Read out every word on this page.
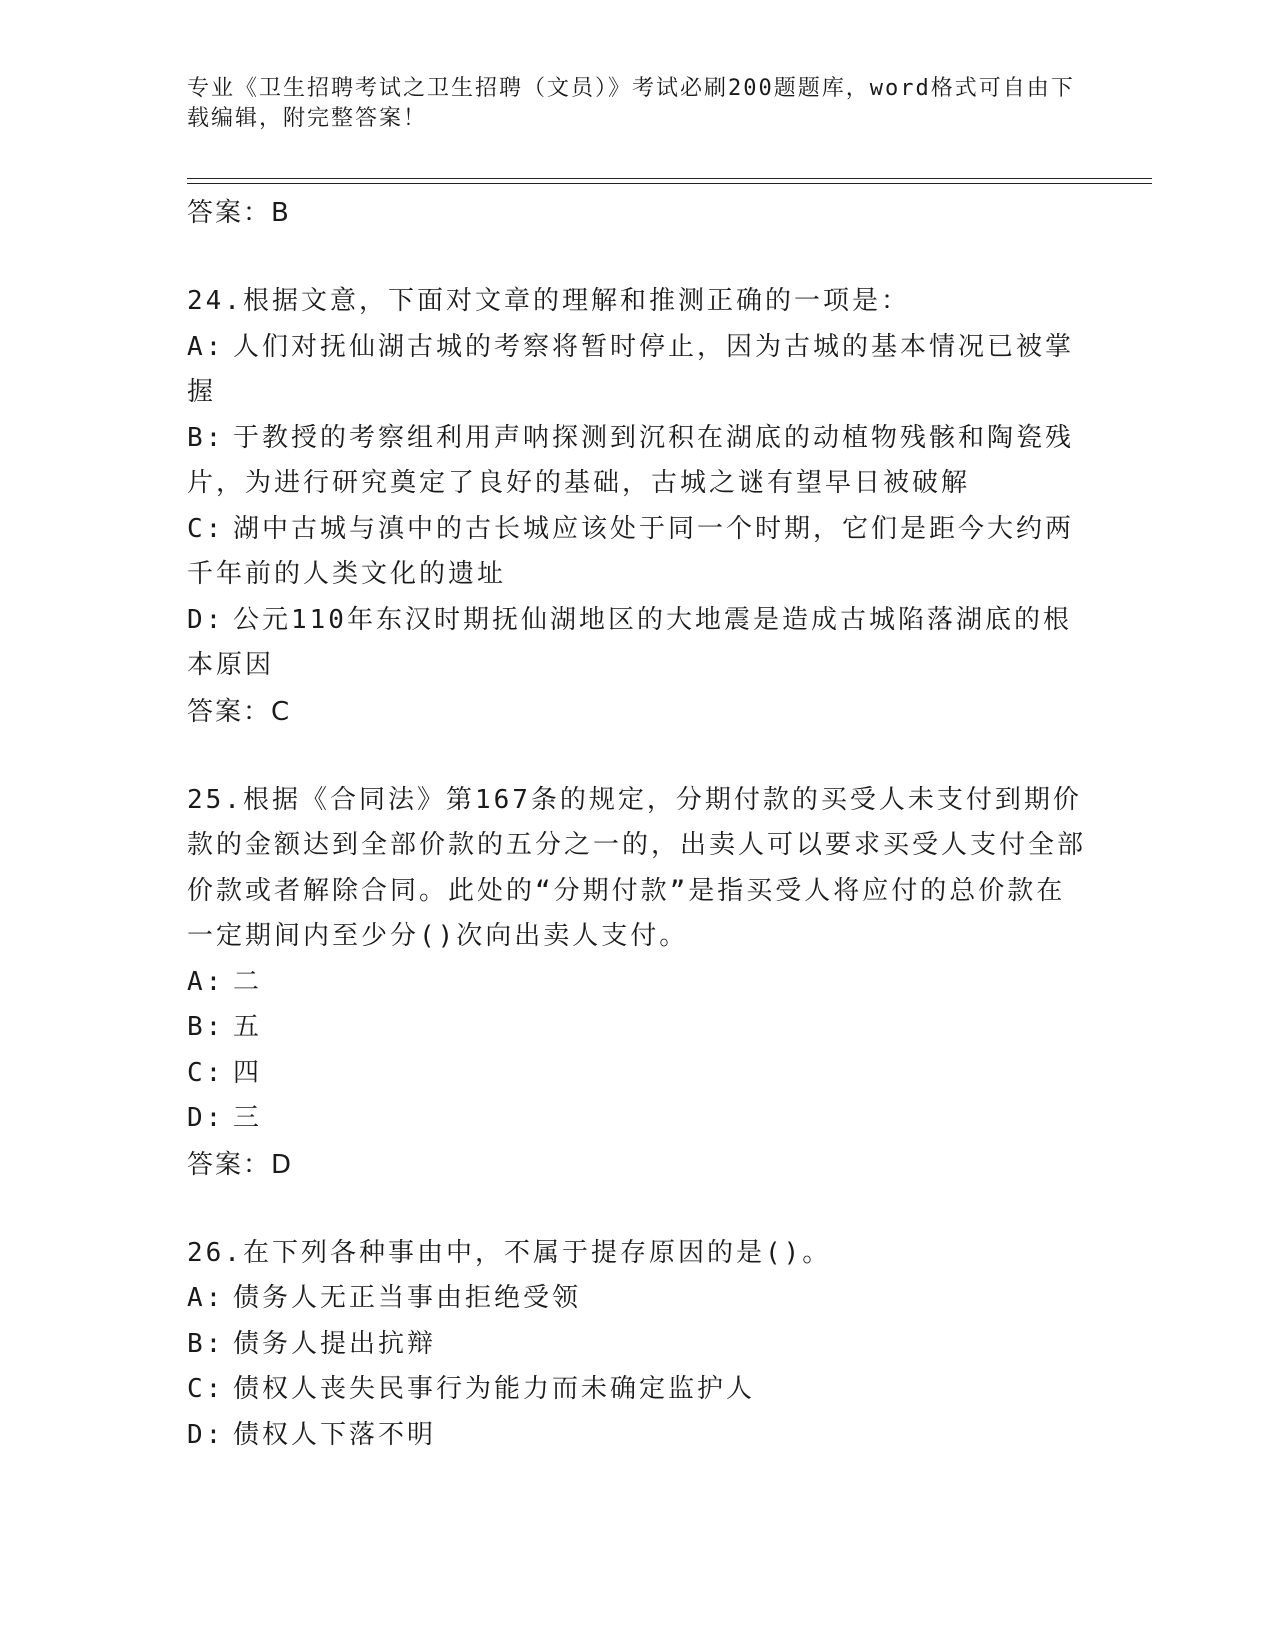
专业《卫生招聘考试之卫生招聘（文员）》考试必刷200题题库，word格式可自由下载编辑，附完整答案！
答案：B
24.根据文意，下面对文章的理解和推测正确的一项是：
A: 人们对抚仙湖古城的考察将暂时停止，因为古城的基本情况已被掌握
B: 于教授的考察组利用声呐探测到沉积在湖底的动植物残骸和陶瓷残片，为进行研究奠定了良好的基础，古城之谜有望早日被破解
C: 湖中古城与滇中的古长城应该处于同一个时期，它们是距今大约两千年前的人类文化的遗址
D: 公元110年东汉时期抚仙湖地区的大地震是造成古城陷落湖底的根本原因
答案：C
25.根据《合同法》第167条的规定，分期付款的买受人未支付到期价款的金额达到全部价款的五分之一的，出卖人可以要求买受人支付全部价款或者解除合同。此处的“分期付款”是指买受人将应付的总价款在一定期间内至少分()次向出卖人支付。
A: 二
B: 五
C: 四
D: 三
答案：D
26.在下列各种事由中，不属于提存原因的是()。
A: 债务人无正当事由拒绝受领
B: 债务人提出抗辩
C: 债权人丧失民事行为能力而未确定监护人
D: 债权人下落不明
